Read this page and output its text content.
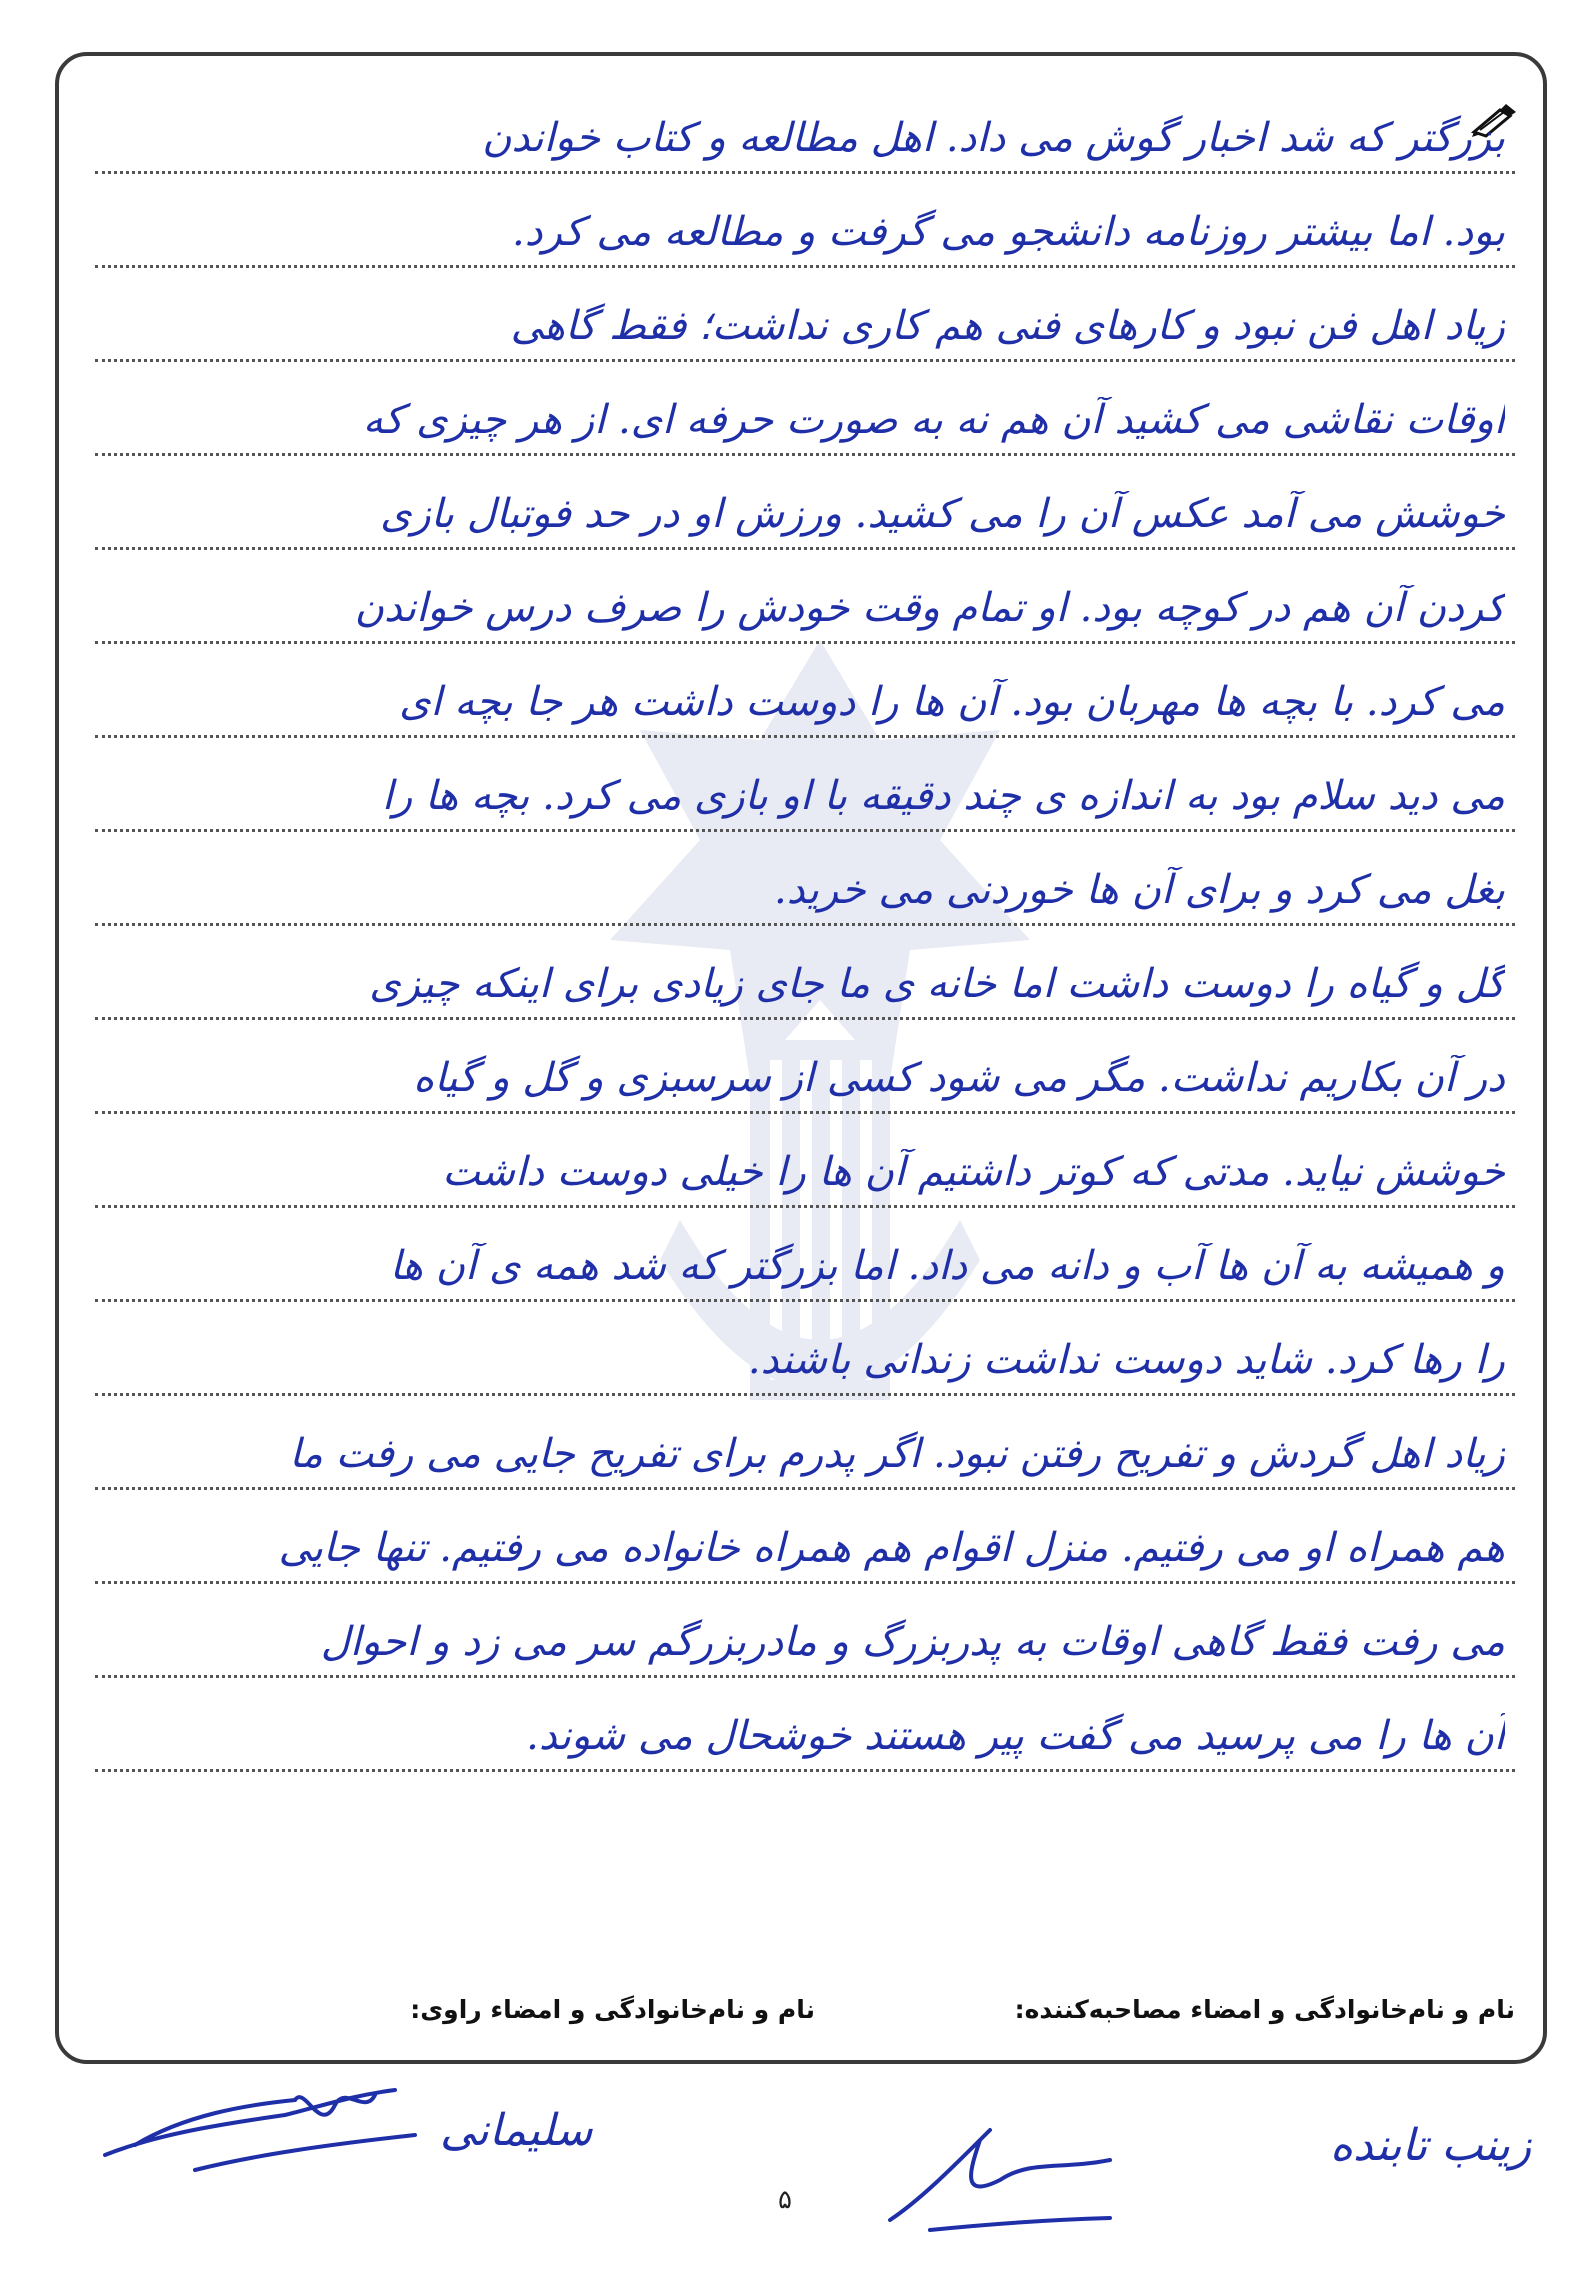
بزرگتر که شد اخبار گوش می داد. اهل مطالعه و کتاب خواندن
بود. اما بیشتر روزنامه دانشجو می گرفت و مطالعه می کرد.
زیاد اهل فن نبود و کارهای فنی هم کاری نداشت؛ فقط گاهی
اوقات نقاشی می کشید آن هم نه به صورت حرفه ای. از هر چیزی که
خوشش می آمد عکس آن را می کشید. ورزش او در حد فوتبال بازی
کردن آن هم در کوچه بود. او تمام وقت خودش را صرف درس خواندن
می کرد. با بچه ها مهربان بود. آن ها را دوست داشت هر جا بچه ای
می دید سلام بود به اندازه ی چند دقیقه با او بازی می کرد. بچه ها را
بغل می کرد و برای آن ها خوردنی می خرید.
گل و گیاه را دوست داشت اما خانه ی ما جای زیادی برای اینکه چیزی
در آن بکاریم نداشت. مگر می شود کسی از سرسبزی و گل و گیاه
خوشش نیاید. مدتی که کوتر داشتیم آن ها را خیلی دوست داشت
و همیشه به آن ها آب و دانه می داد. اما بزرگتر که شد همه ی آن ها
را رها کرد. شاید دوست نداشت زندانی باشند.
زیاد اهل گردش و تفریح رفتن نبود. اگر پدرم برای تفریح جایی می رفت ما
هم همراه او می رفتیم. منزل اقوام هم همراه خانواده می رفتیم. تنها جایی
می رفت فقط گاهی اوقات به پدربزرگ و مادربزرگم سر می زد و احوال
آن ها را می پرسید می گفت پیر هستند خوشحال می شوند.
نام و نام‌خانوادگی و امضاء مصاحبه‌کننده:
نام و نام‌خانوادگی و امضاء راوی:
سلیمانی
۵
زینب تابنده
